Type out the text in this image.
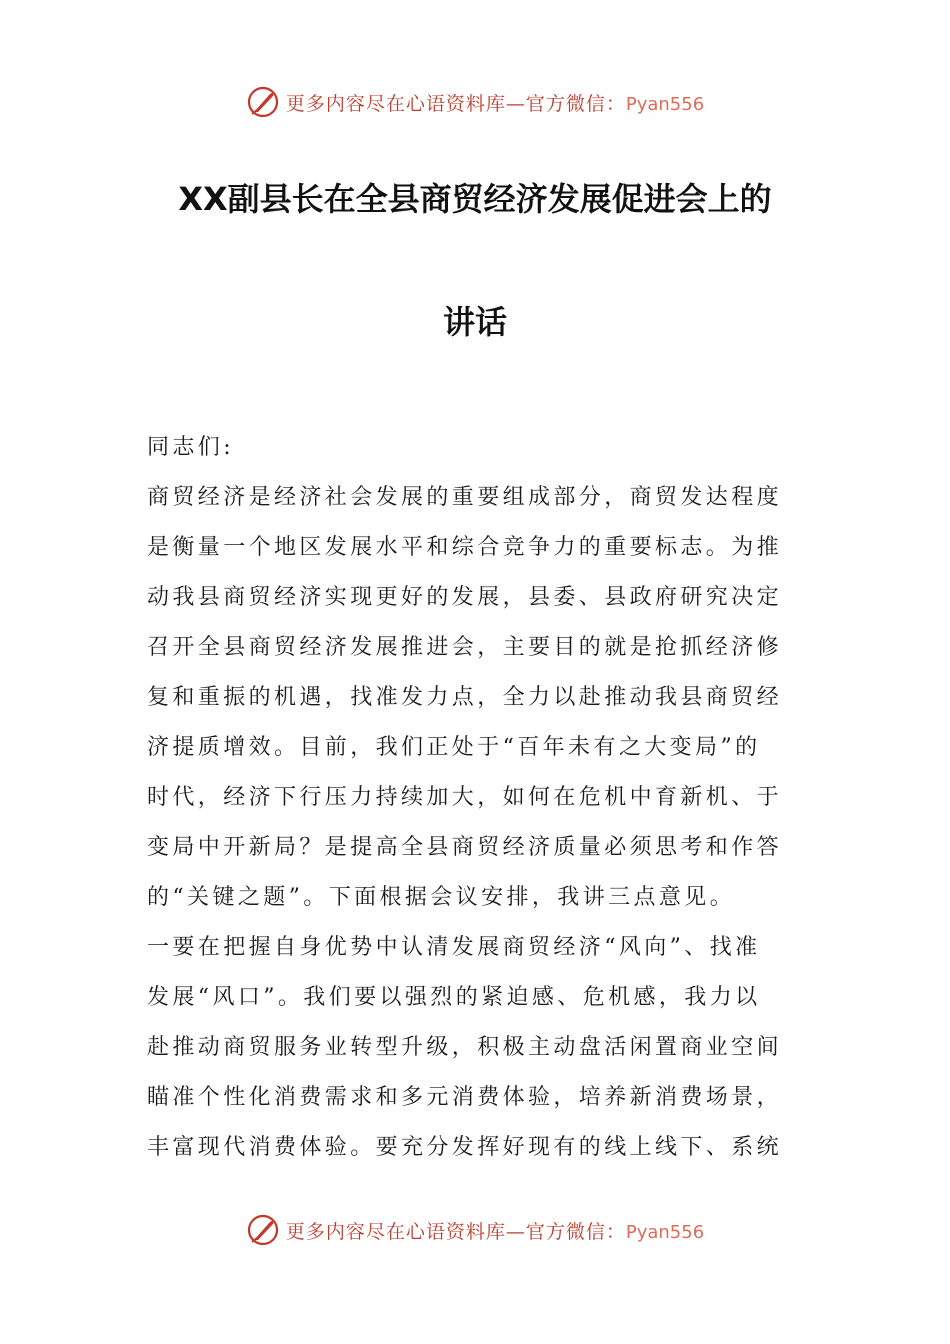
更多内容尽在心语资料库—官方微信：Pyan556
XX副县长在全县商贸经济发展促进会上的
讲话
同志们:
商贸经济是经济社会发展的重要组成部分，商贸发达程度
是衡量一个地区发展水平和综合竞争力的重要标志。为推
动我县商贸经济实现更好的发展，县委、县政府研究决定
召开全县商贸经济发展推进会，主要目的就是抢抓经济修
复和重振的机遇，找准发力点，全力以赴推动我县商贸经
济提质增效。目前，我们正处于“百年未有之大变局”的
时代，经济下行压力持续加大，如何在危机中育新机、于
变局中开新局？是提高全县商贸经济质量必须思考和作答
的“关键之题”。下面根据会议安排，我讲三点意见。
一要在把握自身优势中认清发展商贸经济“风向”、找准
发展“风口”。我们要以强烈的紧迫感、危机感，我力以
赴推动商贸服务业转型升级，积极主动盘活闲置商业空间
瞄准个性化消费需求和多元消费体验，培养新消费场景，
丰富现代消费体验。要充分发挥好现有的线上线下、系统
更多内容尽在心语资料库—官方微信：Pyan556
